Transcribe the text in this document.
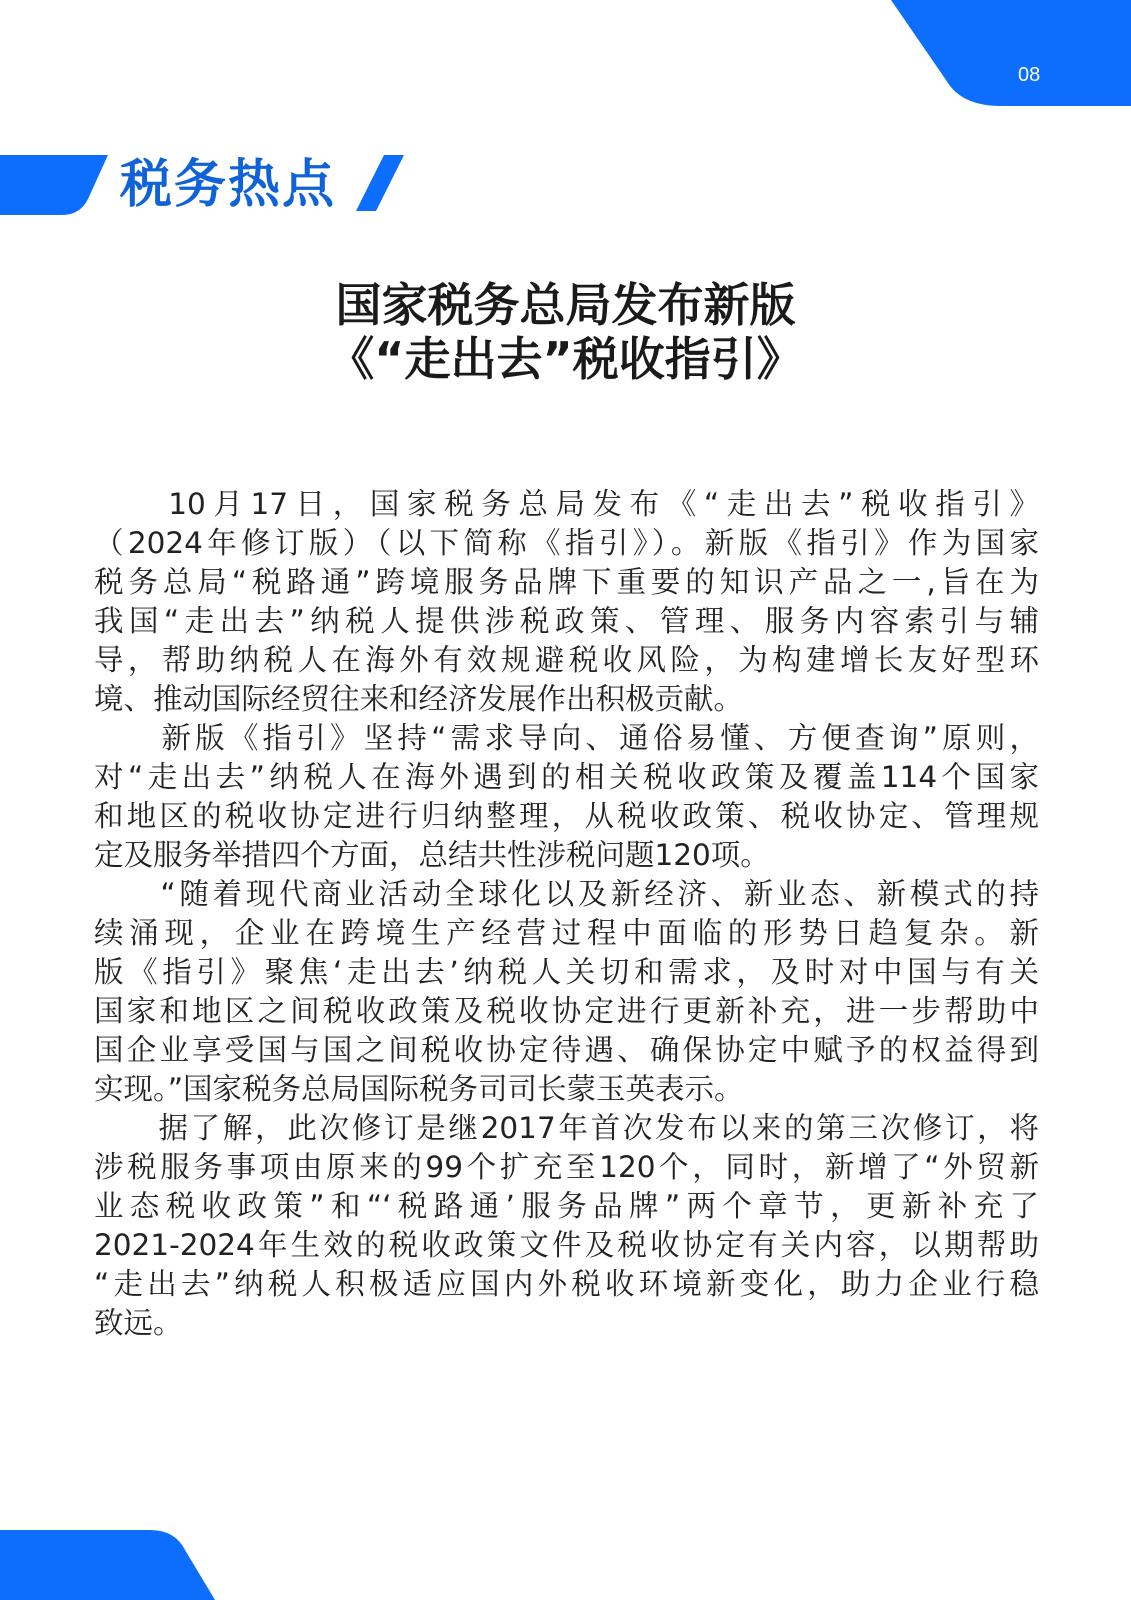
08
税务热点
国家税务总局发布新版
《“走出去”税收指引》

　　10月17日，国家税务总局发布《“走出去”税收指引》

（2024年修订版）（以下简称《指引》）。新版《指引》作为国家

税务总局“税路通”跨境服务品牌下重要的知识产品之一,旨在为

我国“走出去”纳税人提供涉税政策、管理、服务内容索引与辅

导，帮助纳税人在海外有效规避税收风险，为构建增长友好型环

境、推动国际经贸往来和经济发展作出积极贡献。

　　新版《指引》坚持“需求导向、通俗易懂、方便查询”原则，

对“走出去”纳税人在海外遇到的相关税收政策及覆盖114个国家

和地区的税收协定进行归纳整理，从税收政策、税收协定、管理规

定及服务举措四个方面，总结共性涉税问题120项。

　　“随着现代商业活动全球化以及新经济、新业态、新模式的持

续涌现，企业在跨境生产经营过程中面临的形势日趋复杂。新

版《指引》聚焦‘走出去’纳税人关切和需求，及时对中国与有关

国家和地区之间税收政策及税收协定进行更新补充，进一步帮助中

国企业享受国与国之间税收协定待遇、确保协定中赋予的权益得到

实现。”国家税务总局国际税务司司长蒙玉英表示。

　　据了解，此次修订是继2017年首次发布以来的第三次修订，将

涉税服务事项由原来的99个扩充至120个，同时，新增了“外贸新

业态税收政策”和“‘税路通’服务品牌”两个章节，更新补充了

2021-2024年生效的税收政策文件及税收协定有关内容，以期帮助

“走出去”纳税人积极适应国内外税收环境新变化，助力企业行稳

致远。
